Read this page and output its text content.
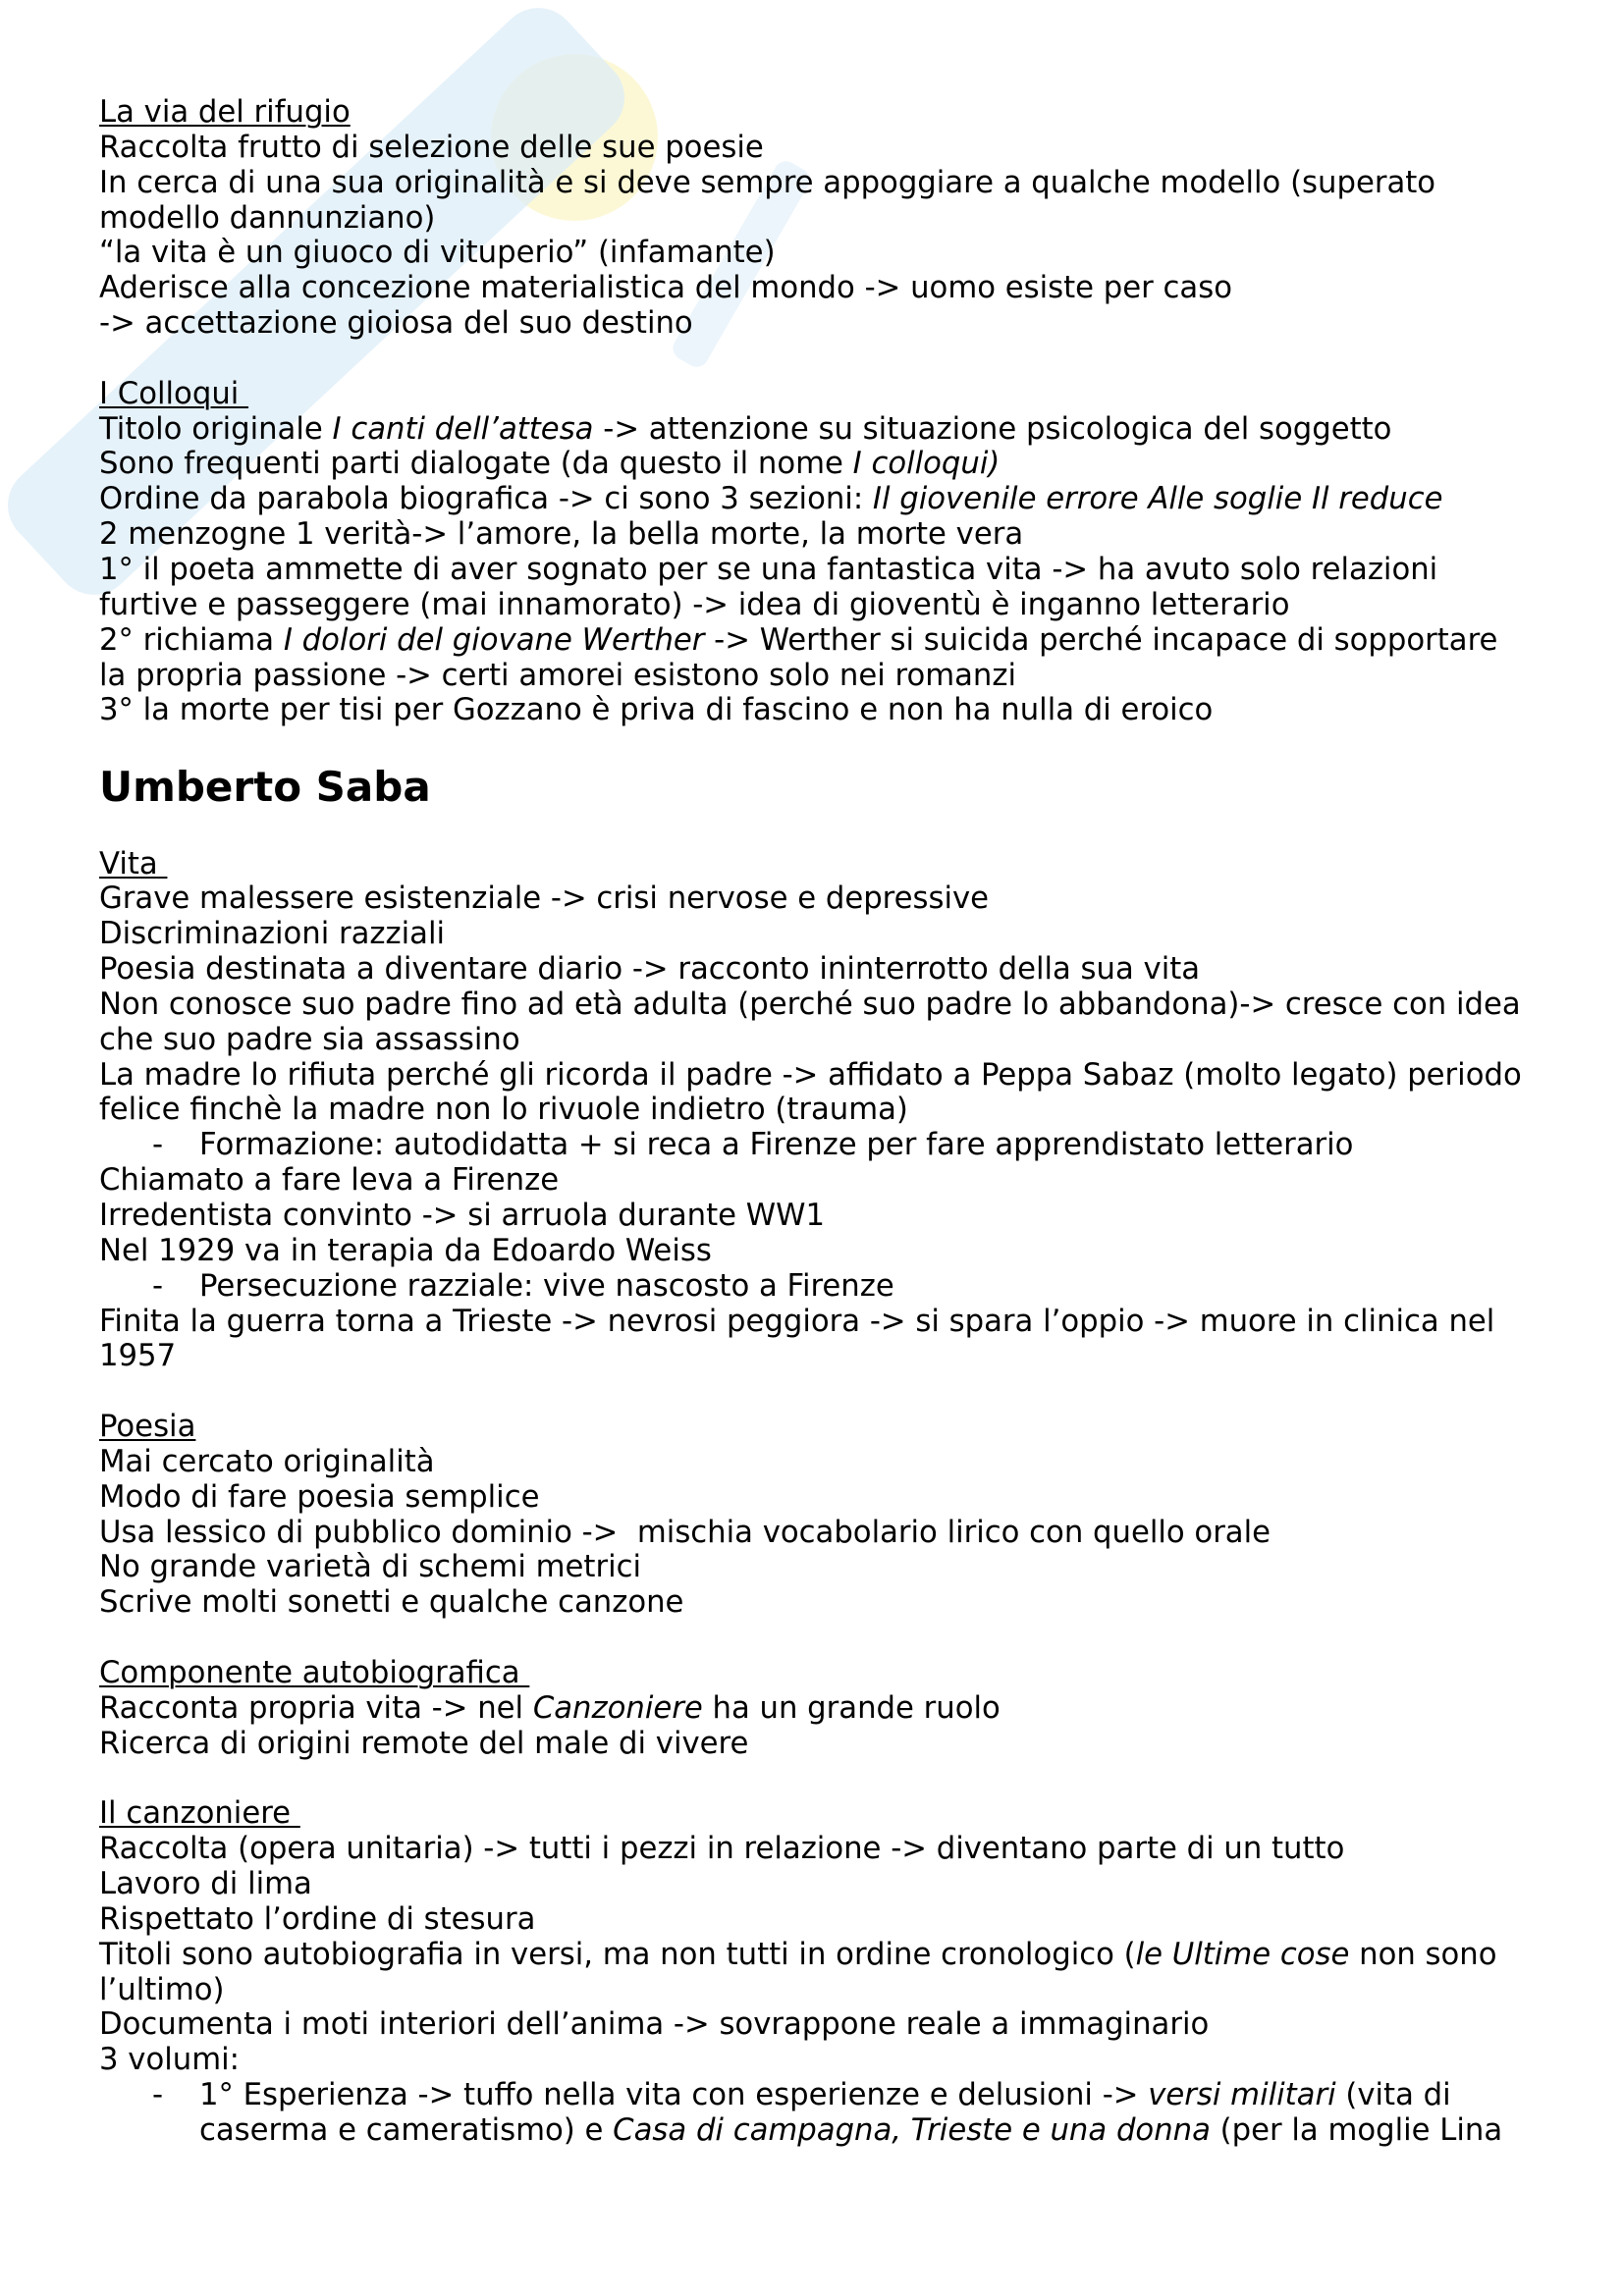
La via del rifugio
Raccolta frutto di selezione delle sue poesie
In cerca di una sua originalità e si deve sempre appoggiare a qualche modello (superato
modello dannunziano)
“la vita è un giuoco di vituperio” (infamante)
Aderisce alla concezione materialistica del mondo -> uomo esiste per caso
-> accettazione gioiosa del suo destino
I Colloqui
Titolo originale I canti dell’attesa -> attenzione su situazione psicologica del soggetto
Sono frequenti parti dialogate (da questo il nome I colloqui)
Ordine da parabola biografica -> ci sono 3 sezioni: Il giovenile errore Alle soglie Il reduce
2 menzogne 1 verità-> l’amore, la bella morte, la morte vera
1° il poeta ammette di aver sognato per se una fantastica vita -> ha avuto solo relazioni
furtive e passeggere (mai innamorato) -> idea di gioventù è inganno letterario
2° richiama I dolori del giovane Werther -> Werther si suicida perché incapace di sopportare
la propria passione -> certi amorei esistono solo nei romanzi
3° la morte per tisi per Gozzano è priva di fascino e non ha nulla di eroico
Umberto Saba
Vita
Grave malessere esistenziale -> crisi nervose e depressive
Discriminazioni razziali
Poesia destinata a diventare diario -> racconto ininterrotto della sua vita
Non conosce suo padre fino ad età adulta (perché suo padre lo abbandona)-> cresce con idea
che suo padre sia assassino
La madre lo rifiuta perché gli ricorda il padre -> affidato a Peppa Sabaz (molto legato) periodo
felice finchè la madre non lo rivuole indietro (trauma)
- Formazione: autodidatta + si reca a Firenze per fare apprendistato letterario
Chiamato a fare leva a Firenze
Irredentista convinto -> si arruola durante WW1
Nel 1929 va in terapia da Edoardo Weiss
- Persecuzione razziale: vive nascosto a Firenze
Finita la guerra torna a Trieste -> nevrosi peggiora -> si spara l’oppio -> muore in clinica nel
1957
Poesia
Mai cercato originalità
Modo di fare poesia semplice
Usa lessico di pubblico dominio ->  mischia vocabolario lirico con quello orale
No grande varietà di schemi metrici
Scrive molti sonetti e qualche canzone
Componente autobiografica
Racconta propria vita -> nel Canzoniere ha un grande ruolo
Ricerca di origini remote del male di vivere
Il canzoniere
Raccolta (opera unitaria) -> tutti i pezzi in relazione -> diventano parte di un tutto
Lavoro di lima
Rispettato l’ordine di stesura
Titoli sono autobiografia in versi, ma non tutti in ordine cronologico (le Ultime cose non sono
l’ultimo)
Documenta i moti interiori dell’anima -> sovrappone reale a immaginario
3 volumi:
- 1° Esperienza -> tuffo nella vita con esperienze e delusioni -> versi militari (vita di
caserma e cameratismo) e Casa di campagna, Trieste e una donna (per la moglie Lina
